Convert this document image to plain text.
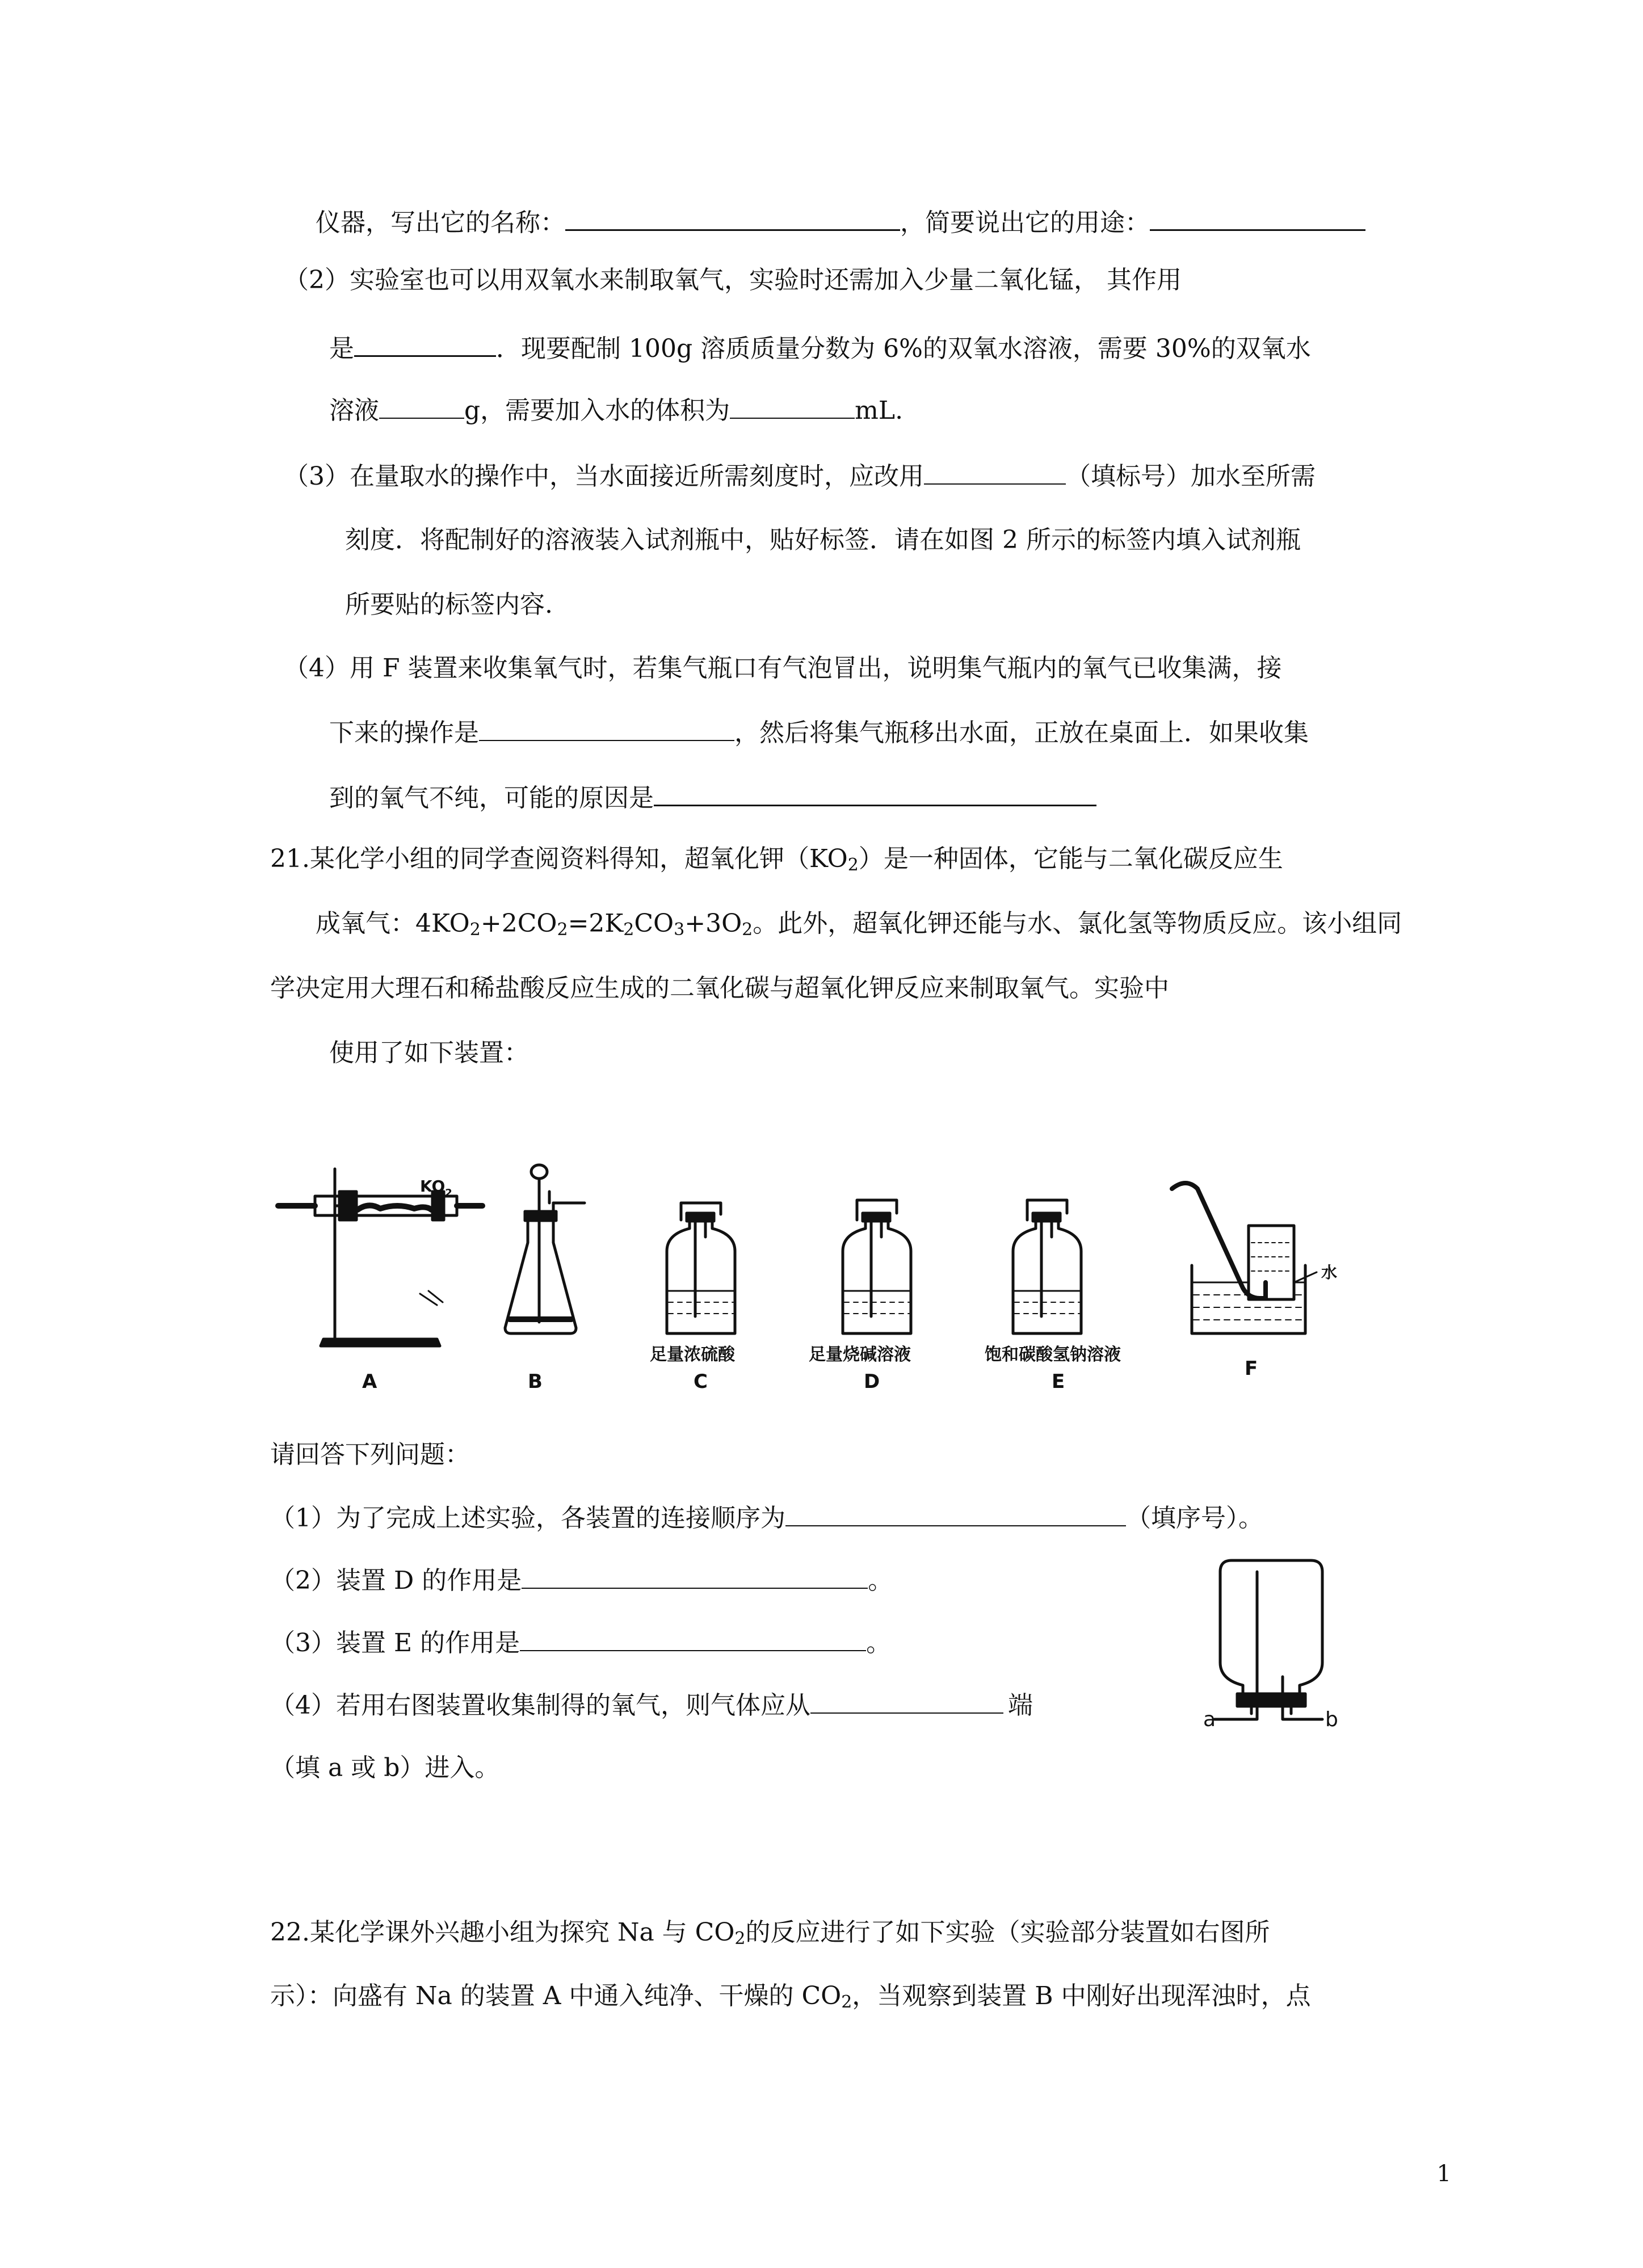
仪器，写出它的名称：	，简要说出它的用途：
（2）实验室也可以用双氧水来制取氧气，实验时还需加入少量二氧化锰， 其作用
是	．现要配制 100g 溶质质量分数为 6%的双氧水溶液，需要 30%的双氧水
溶液	g，需要加入水的体积为	mL.
（3）在量取水的操作中，当水面接近所需刻度时，应改用	（填标号）加水至所需
刻度．将配制好的溶液装入试剂瓶中，贴好标签．请在如图 2 所示的标签内填入试剂瓶
所要贴的标签内容.
（4）用 F 装置来收集氧气时，若集气瓶口有气泡冒出，说明集气瓶内的氧气已收集满，接
下来的操作是	，然后将集气瓶移出水面，正放在桌面上．如果收集
到的氧气不纯，可能的原因是
21.某化学小组的同学查阅资料得知，超氧化钾$(KO_2)$是一种固体，它能与二氧化碳反应生
成氧气：$4KO_2+2CO_2=2K_2CO_3+3O_2$。此外，超氧化钾还能与水、氯化氢等物质反应。该小组同
学决定用大理石和稀盐酸反应生成的二氧化碳与超氧化钾反应来制取氧气。实验中
使用了如下装置：
$KO_2$
水
足量浓硫酸	足量烧碱溶液	饱和碳酸氢钠溶液
A	B	C	D	E
F
请回答下列问题：
（1）为了完成上述实验，各装置的连接顺序为	（填序号）。
（2）装置 D 的作用是	。
（3）装置 E 的作用是	。
（4）若用右图装置收集制得的氧气，则气体应从	端
（填 a 或 b）进入。
a	b
22.某化学课外兴趣小组为探究 Na 与 $CO_2$的反应进行了如下实验（实验部分装置如右图所
示）：向盛有 Na 的装置 A 中通入纯净、干燥的 $CO_2$，当观察到装置 B 中刚好出现浑浊时，点
1
